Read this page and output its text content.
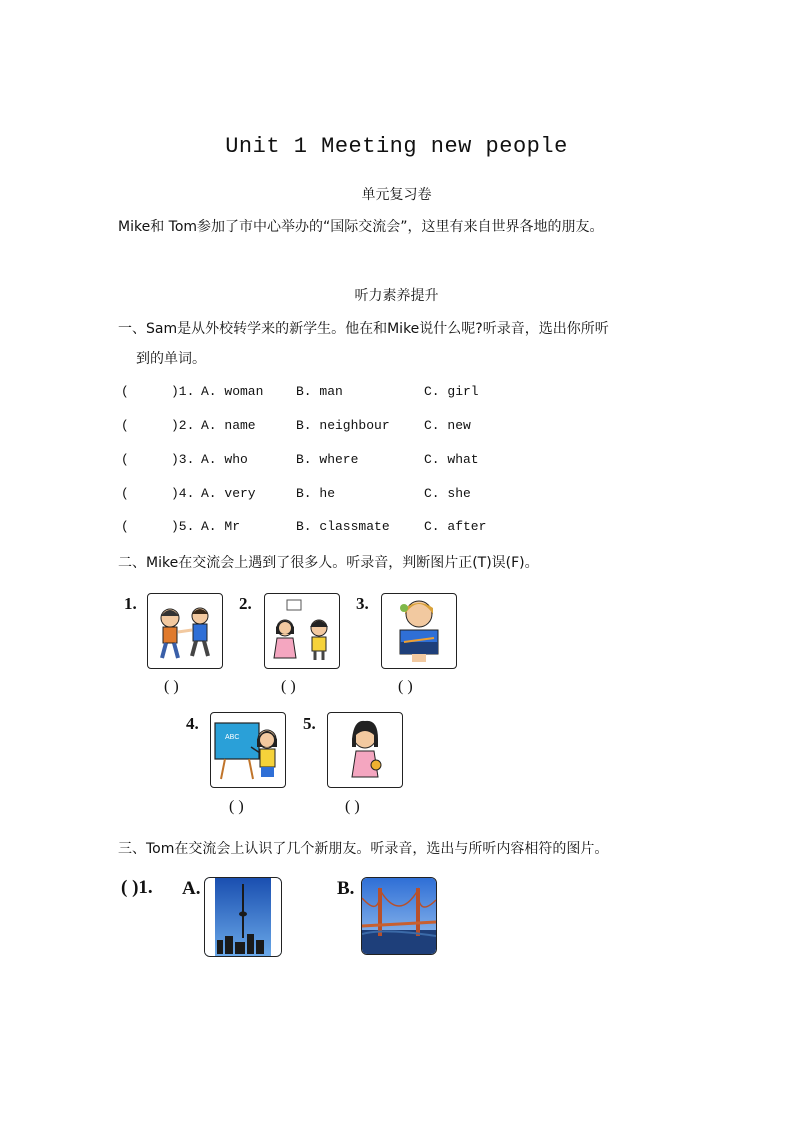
Unit 1 Meeting new people
单元复习卷
Mike和 Tom参加了市中心举办的“国际交流会”，这里有来自世界各地的朋友。
听力素养提升
一、Sam是从外校转学来的新学生。他在和Mike说什么呢?听录音，选出你所听
到的单词。
(	)1. A. woman	B. man	C. girl
(	)2. A. name	B. neighbour	C. new
(	)3. A. who	B. where	C. what
(	)4. A. very	B. he	C. she
(	)5. A. Mr	B. classmate	C. after
二、Mike在交流会上遇到了很多人。听录音，判断图片正(T)误(F)。
1.
( )
2.
( )
3.
( )
4.
ABC
( )
5.
( )
三、Tom在交流会上认识了几个新朋友。听录音，选出与所听内容相符的图片。
( )1. A.	B.
